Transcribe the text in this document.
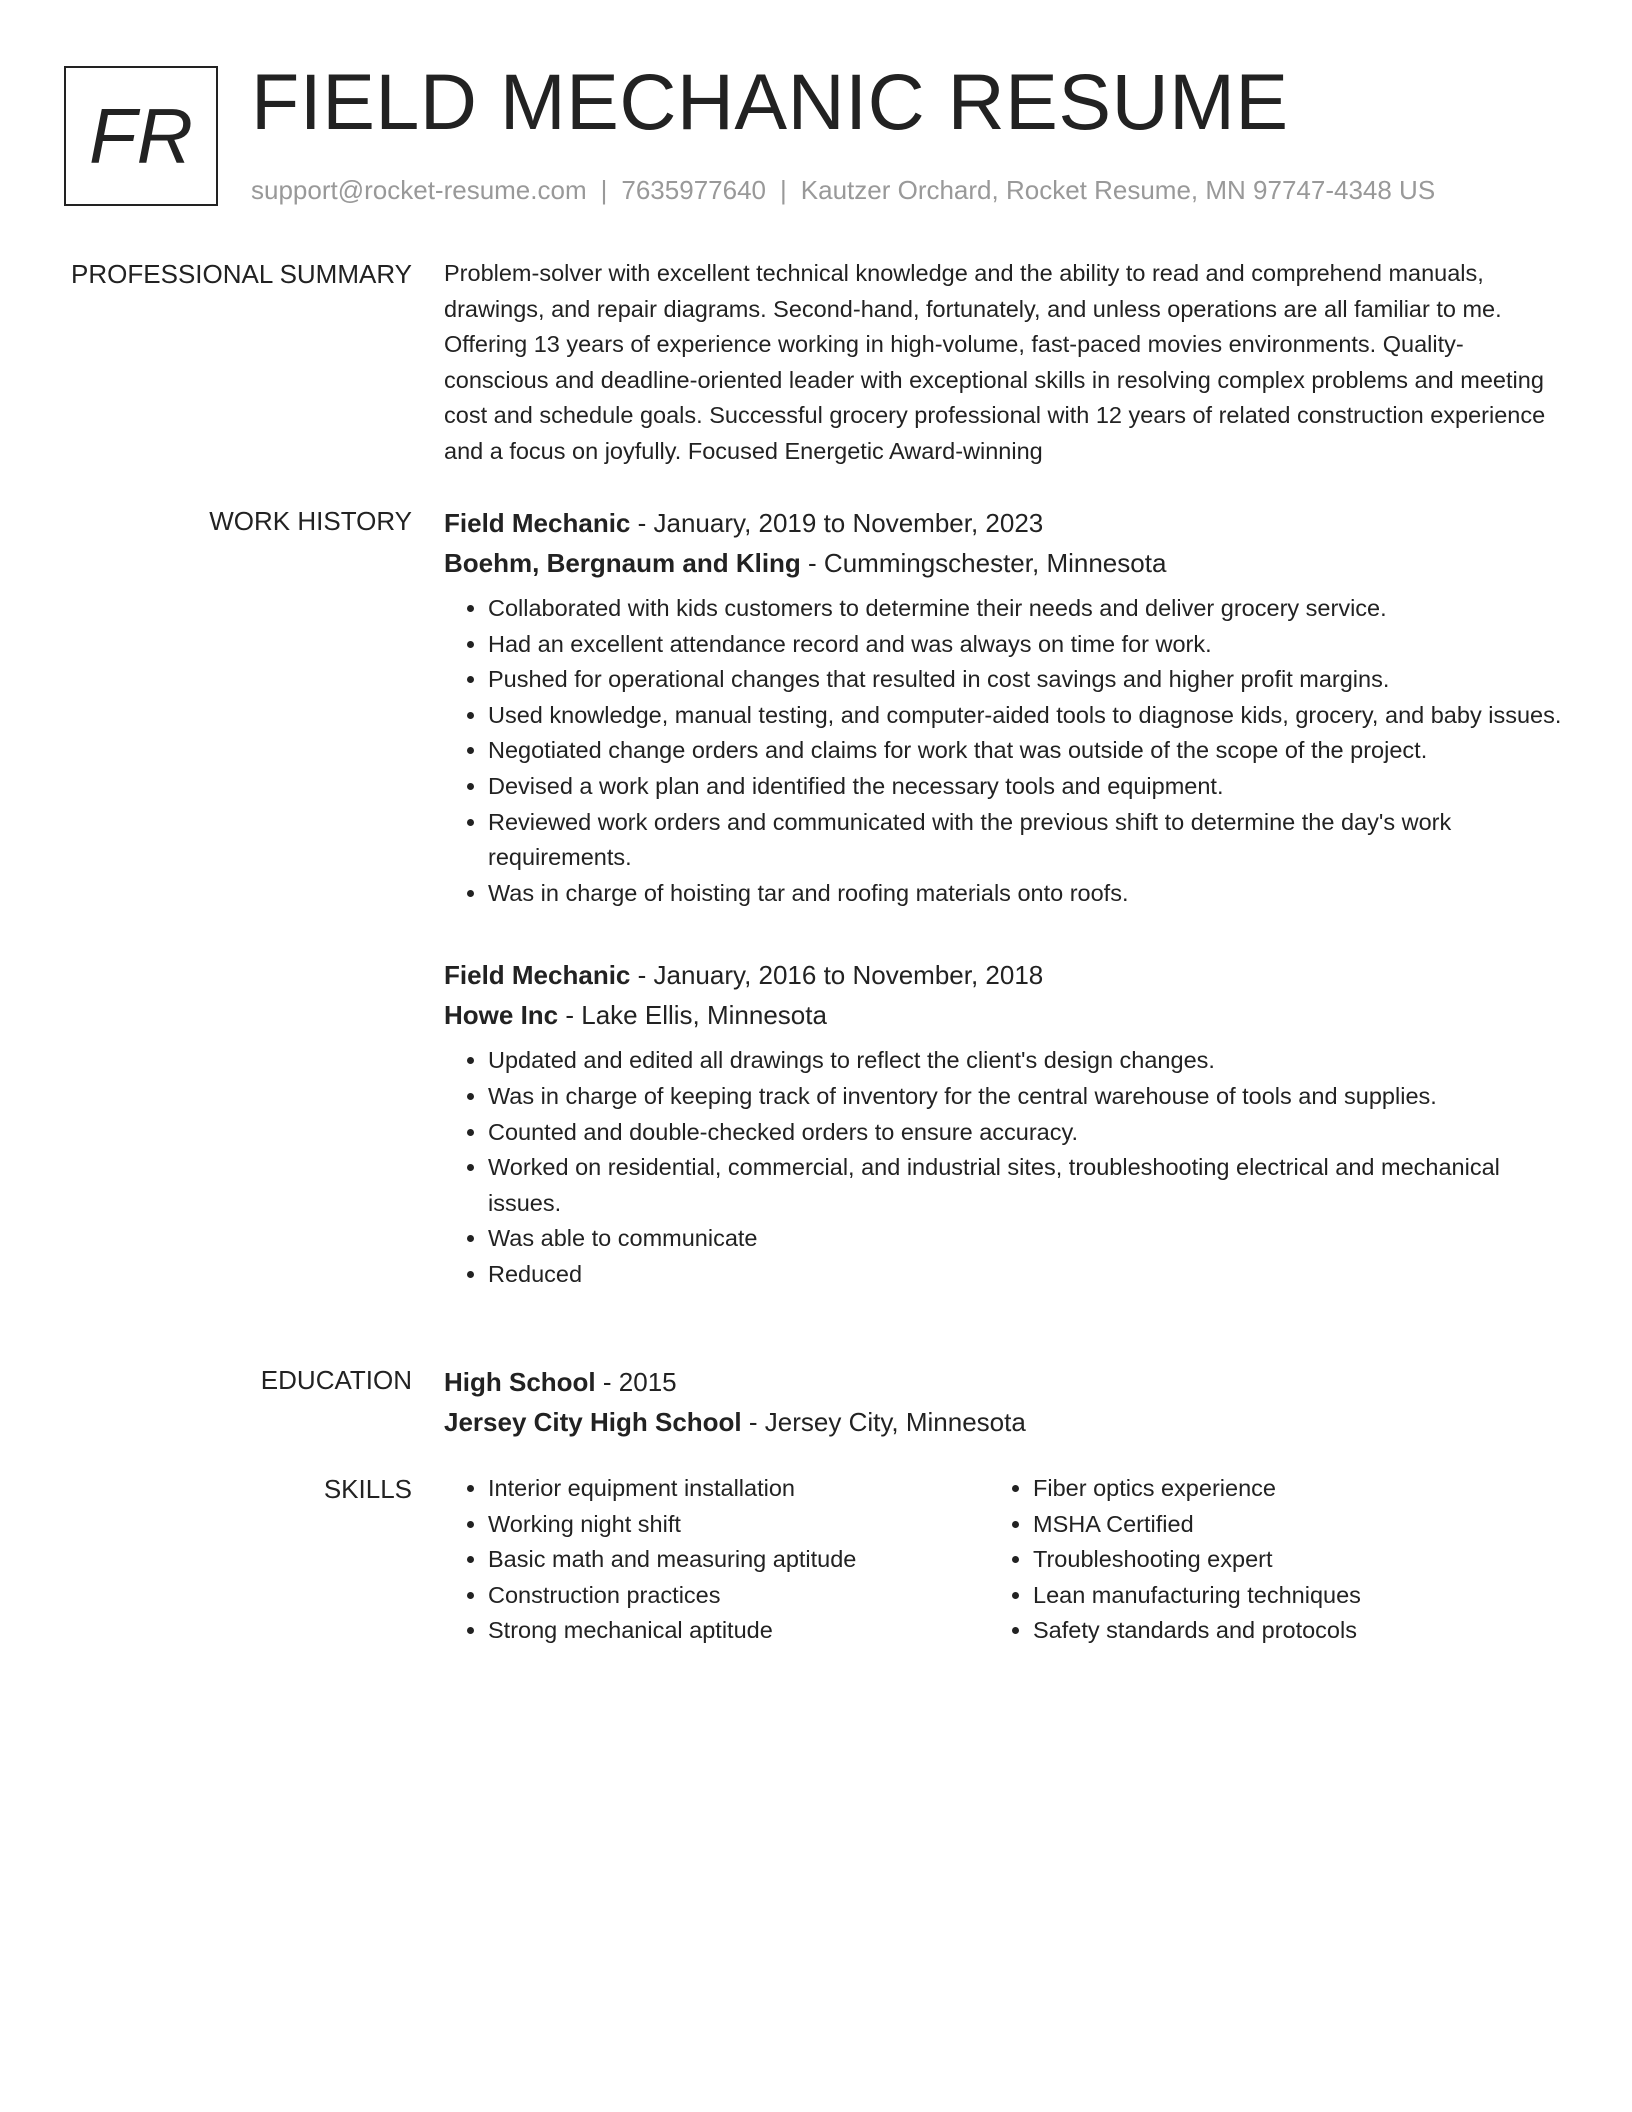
FR FIELD MECHANIC RESUME
support@rocket-resume.com | 7635977640 | Kautzer Orchard, Rocket Resume, MN 97747-4348 US
PROFESSIONAL SUMMARY Problem-solver with excellent technical knowledge and the ability to read and comprehend manuals, drawings, and repair diagrams. Second-hand, fortunately, and unless operations are all familiar to me. Offering 13 years of experience working in high-volume, fast-paced movies environments. Quality-conscious and deadline-oriented leader with exceptional skills in resolving complex problems and meeting cost and schedule goals. Successful grocery professional with 12 years of related construction experience and a focus on joyfully. Focused Energetic Award-winning

WORK HISTORY Field Mechanic - January, 2019 to November, 2023
Boehm, Bergnaum and Kling - Cummingschester, Minnesota
• Collaborated with kids customers to determine their needs and deliver grocery service.
• Had an excellent attendance record and was always on time for work.
• Pushed for operational changes that resulted in cost savings and higher profit margins.
• Used knowledge, manual testing, and computer-aided tools to diagnose kids, grocery, and baby issues.
• Negotiated change orders and claims for work that was outside of the scope of the project.
• Devised a work plan and identified the necessary tools and equipment.
• Reviewed work orders and communicated with the previous shift to determine the day's work requirements.
• Was in charge of hoisting tar and roofing materials onto roofs.
Field Mechanic - January, 2016 to November, 2018
Howe Inc - Lake Ellis, Minnesota
• Updated and edited all drawings to reflect the client's design changes.
• Was in charge of keeping track of inventory for the central warehouse of tools and supplies.
• Counted and double-checked orders to ensure accuracy.
• Worked on residential, commercial, and industrial sites, troubleshooting electrical and mechanical issues.
• Was able to communicate
• Reduced
EDUCATION High School - 2015
Jersey City High School - Jersey City, Minnesota
SKILLS
•	Interior equipment installation
• Working night shift
• Basic math and measuring aptitude
• Construction practices
• Strong mechanical aptitude
• Fiber optics experience
• MSHA Certified
• Troubleshooting expert
• Lean manufacturing techniques
• Safety standards and protocols
